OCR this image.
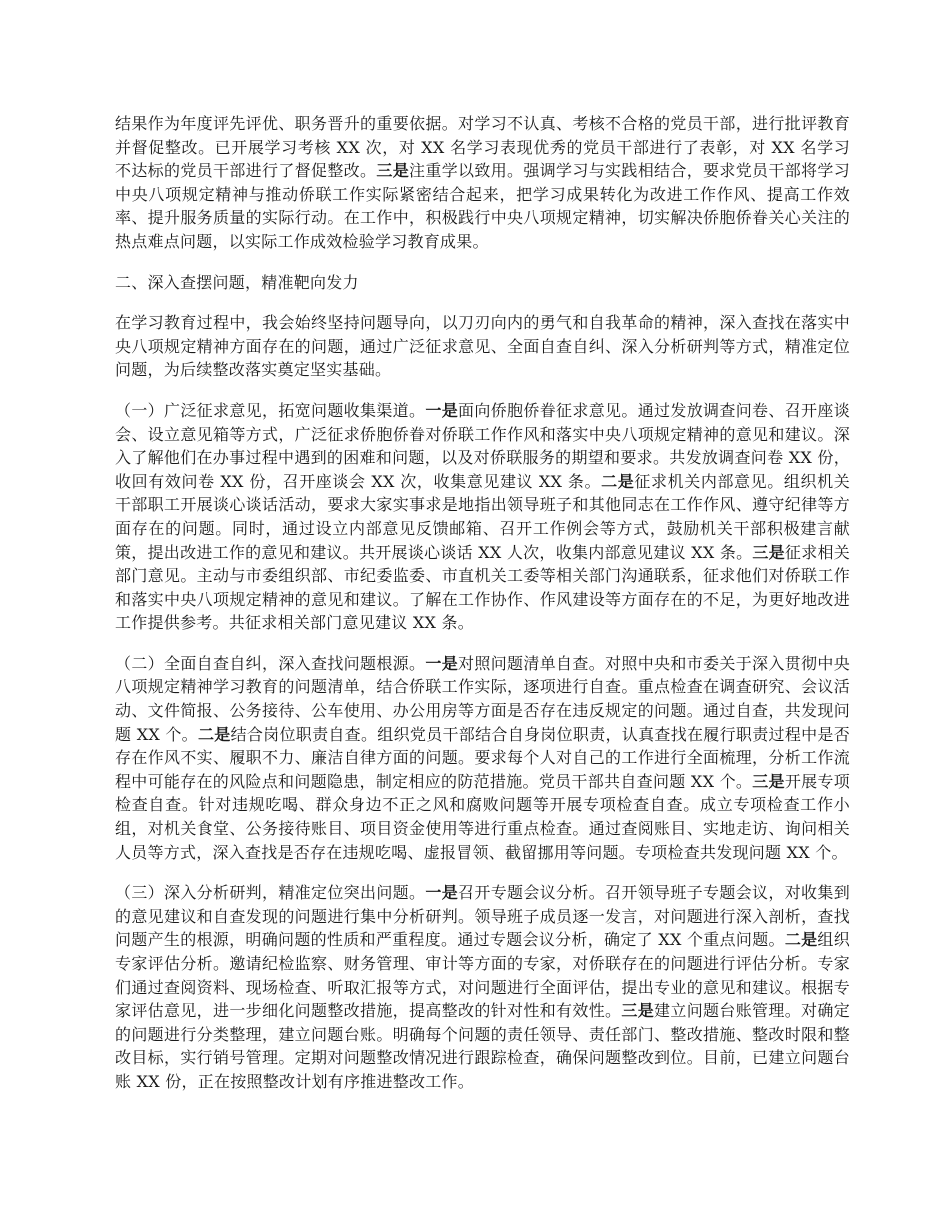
结果作为年度评先评优、职务晋升的重要依据。对学习不认真、考核不合格的党员干部，进行批评教育并督促整改。已开展学习考核 XX 次，对 XX 名学习表现优秀的党员干部进行了表彰，对 XX 名学习不达标的党员干部进行了督促整改。三是注重学以致用。强调学习与实践相结合，要求党员干部将学习中央八项规定精神与推动侨联工作实际紧密结合起来，把学习成果转化为改进工作作风、提高工作效率、提升服务质量的实际行动。在工作中，积极践行中央八项规定精神，切实解决侨胞侨眷关心关注的热点难点问题，以实际工作成效检验学习教育成果。

二、深入查摆问题，精准靶向发力

在学习教育过程中，我会始终坚持问题导向，以刀刃向内的勇气和自我革命的精神，深入查找在落实中央八项规定精神方面存在的问题，通过广泛征求意见、全面自查自纠、深入分析研判等方式，精准定位问题，为后续整改落实奠定坚实基础。

（一）广泛征求意见，拓宽问题收集渠道。一是面向侨胞侨眷征求意见。通过发放调查问卷、召开座谈会、设立意见箱等方式，广泛征求侨胞侨眷对侨联工作作风和落实中央八项规定精神的意见和建议。深入了解他们在办事过程中遇到的困难和问题，以及对侨联服务的期望和要求。共发放调查问卷 XX 份，收回有效问卷 XX 份，召开座谈会 XX 次，收集意见建议 XX 条。二是征求机关内部意见。组织机关干部职工开展谈心谈话活动，要求大家实事求是地指出领导班子和其他同志在工作作风、遵守纪律等方面存在的问题。同时，通过设立内部意见反馈邮箱、召开工作例会等方式，鼓励机关干部积极建言献策，提出改进工作的意见和建议。共开展谈心谈话 XX 人次，收集内部意见建议 XX 条。三是征求相关部门意见。主动与市委组织部、市纪委监委、市直机关工委等相关部门沟通联系，征求他们对侨联工作和落实中央八项规定精神的意见和建议。了解在工作协作、作风建设等方面存在的不足，为更好地改进工作提供参考。共征求相关部门意见建议 XX 条。

（二）全面自查自纠，深入查找问题根源。一是对照问题清单自查。对照中央和市委关于深入贯彻中央八项规定精神学习教育的问题清单，结合侨联工作实际，逐项进行自查。重点检查在调查研究、会议活动、文件简报、公务接待、公车使用、办公用房等方面是否存在违反规定的问题。通过自查，共发现问题 XX 个。二是结合岗位职责自查。组织党员干部结合自身岗位职责，认真查找在履行职责过程中是否存在作风不实、履职不力、廉洁自律方面的问题。要求每个人对自己的工作进行全面梳理，分析工作流程中可能存在的风险点和问题隐患，制定相应的防范措施。党员干部共自查问题 XX 个。三是开展专项检查自查。针对违规吃喝、群众身边不正之风和腐败问题等开展专项检查自查。成立专项检查工作小组，对机关食堂、公务接待账目、项目资金使用等进行重点检查。通过查阅账目、实地走访、询问相关人员等方式，深入查找是否存在违规吃喝、虚报冒领、截留挪用等问题。专项检查共发现问题 XX 个。

（三）深入分析研判，精准定位突出问题。一是召开专题会议分析。召开领导班子专题会议，对收集到的意见建议和自查发现的问题进行集中分析研判。领导班子成员逐一发言，对问题进行深入剖析，查找问题产生的根源，明确问题的性质和严重程度。通过专题会议分析，确定了 XX 个重点问题。二是组织专家评估分析。邀请纪检监察、财务管理、审计等方面的专家，对侨联存在的问题进行评估分析。专家们通过查阅资料、现场检查、听取汇报等方式，对问题进行全面评估，提出专业的意见和建议。根据专家评估意见，进一步细化问题整改措施，提高整改的针对性和有效性。三是建立问题台账管理。对确定的问题进行分类整理，建立问题台账。明确每个问题的责任领导、责任部门、整改措施、整改时限和整改目标，实行销号管理。定期对问题整改情况进行跟踪检查，确保问题整改到位。目前，已建立问题台账 XX 份，正在按照整改计划有序推进整改工作。
